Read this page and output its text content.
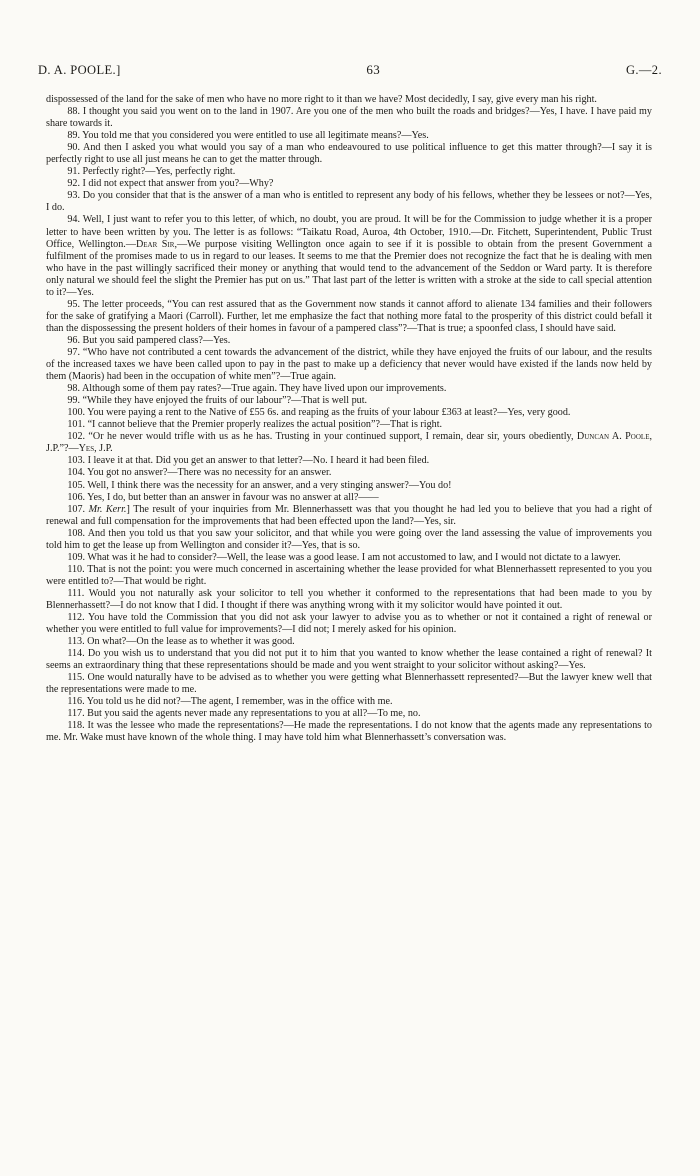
D. A. POOLE.]	63	G.—2.

dispossessed of the land for the sake of men who have no more right to it than we have? Most decidedly, I say, give every man his right.

88. I thought you said you went on to the land in 1907. Are you one of the men who built the roads and bridges?—Yes, I have. I have paid my share towards it.

89. You told me that you considered you were entitled to use all legitimate means?—Yes.

90. And then I asked you what would you say of a man who endeavoured to use political influence to get this matter through?—I say it is perfectly right to use all just means he can to get the matter through.

91. Perfectly right?—Yes, perfectly right.

92. I did not expect that answer from you?—Why?

93. Do you consider that that is the answer of a man who is entitled to represent any body of his fellows, whether they be lessees or not?—Yes, I do.

94. Well, I just want to refer you to this letter, of which, no doubt, you are proud. It will be for the Commission to judge whether it is a proper letter to have been written by you. The letter is as follows: “Taikatu Road, Auroa, 4th October, 1910.—Dr. Fitchett, Superintendent, Public Trust Office, Wellington.—Dear Sir,—We purpose visiting Wellington once again to see if it is possible to obtain from the present Government a fulfilment of the promises made to us in regard to our leases. It seems to me that the Premier does not recognize the fact that he is dealing with men who have in the past willingly sacrificed their money or anything that would tend to the advancement of the Seddon or Ward party. It is therefore only natural we should feel the slight the Premier has put on us.” That last part of the letter is written with a stroke at the side to call special attention to it?—Yes.

95. The letter proceeds, “You can rest assured that as the Government now stands it cannot afford to alienate 134 families and their followers for the sake of gratifying a Maori (Carroll). Further, let me emphasize the fact that nothing more fatal to the prosperity of this district could befall it than the dispossessing the present holders of their homes in favour of a pampered class”?—That is true; a spoonfed class, I should have said.

96. But you said pampered class?—Yes.

97. “Who have not contributed a cent towards the advancement of the district, while they have enjoyed the fruits of our labour, and the results of the increased taxes we have been called upon to pay in the past to make up a deficiency that never would have existed if the lands now held by them (Maoris) had been in the occupation of white men”?—True again.

98. Although some of them pay rates?—True again. They have lived upon our improvements.

99. “While they have enjoyed the fruits of our labour”?—That is well put.

100. You were paying a rent to the Native of £55 6s. and reaping as the fruits of your labour £363 at least?—Yes, very good.

101. “I cannot believe that the Premier properly realizes the actual position”?—That is right.

102. “Or he never would trifle with us as he has. Trusting in your continued support, I remain, dear sir, yours obediently, Duncan A. Poole, J.P.”?—Yes, J.P.

103. I leave it at that. Did you get an answer to that letter?—No. I heard it had been filed.

104. You got no answer?—There was no necessity for an answer.

105. Well, I think there was the necessity for an answer, and a very stinging answer?—You do!

106. Yes, I do, but better than an answer in favour was no answer at all?——

107. Mr. Kerr.] The result of your inquiries from Mr. Blennerhassett was that you thought he had led you to believe that you had a right of renewal and full compensation for the improvements that had been effected upon the land?—Yes, sir.

108. And then you told us that you saw your solicitor, and that while you were going over the land assessing the value of improvements you told him to get the lease up from Wellington and consider it?—Yes, that is so.

109. What was it he had to consider?—Well, the lease was a good lease. I am not accustomed to law, and I would not dictate to a lawyer.

110. That is not the point: you were much concerned in ascertaining whether the lease provided for what Blennerhassett represented to you you were entitled to?—That would be right.

111. Would you not naturally ask your solicitor to tell you whether it conformed to the representations that had been made to you by Blennerhassett?—I do not know that I did. I thought if there was anything wrong with it my solicitor would have pointed it out.

112. You have told the Commission that you did not ask your lawyer to advise you as to whether or not it contained a right of renewal or whether you were entitled to full value for improvements?—I did not; I merely asked for his opinion.

113. On what?—On the lease as to whether it was good.

114. Do you wish us to understand that you did not put it to him that you wanted to know whether the lease contained a right of renewal? It seems an extraordinary thing that these representations should be made and you went straight to your solicitor without asking?—Yes.

115. One would naturally have to be advised as to whether you were getting what Blennerhassett represented?—But the lawyer knew well that the representations were made to me.

116. You told us he did not?—The agent, I remember, was in the office with me.

117. But you said the agents never made any representations to you at all?—To me, no.

118. It was the lessee who made the representations?—He made the representations. I do not know that the agents made any representations to me. Mr. Wake must have known of the whole thing. I may have told him what Blennerhassett’s conversation was.
